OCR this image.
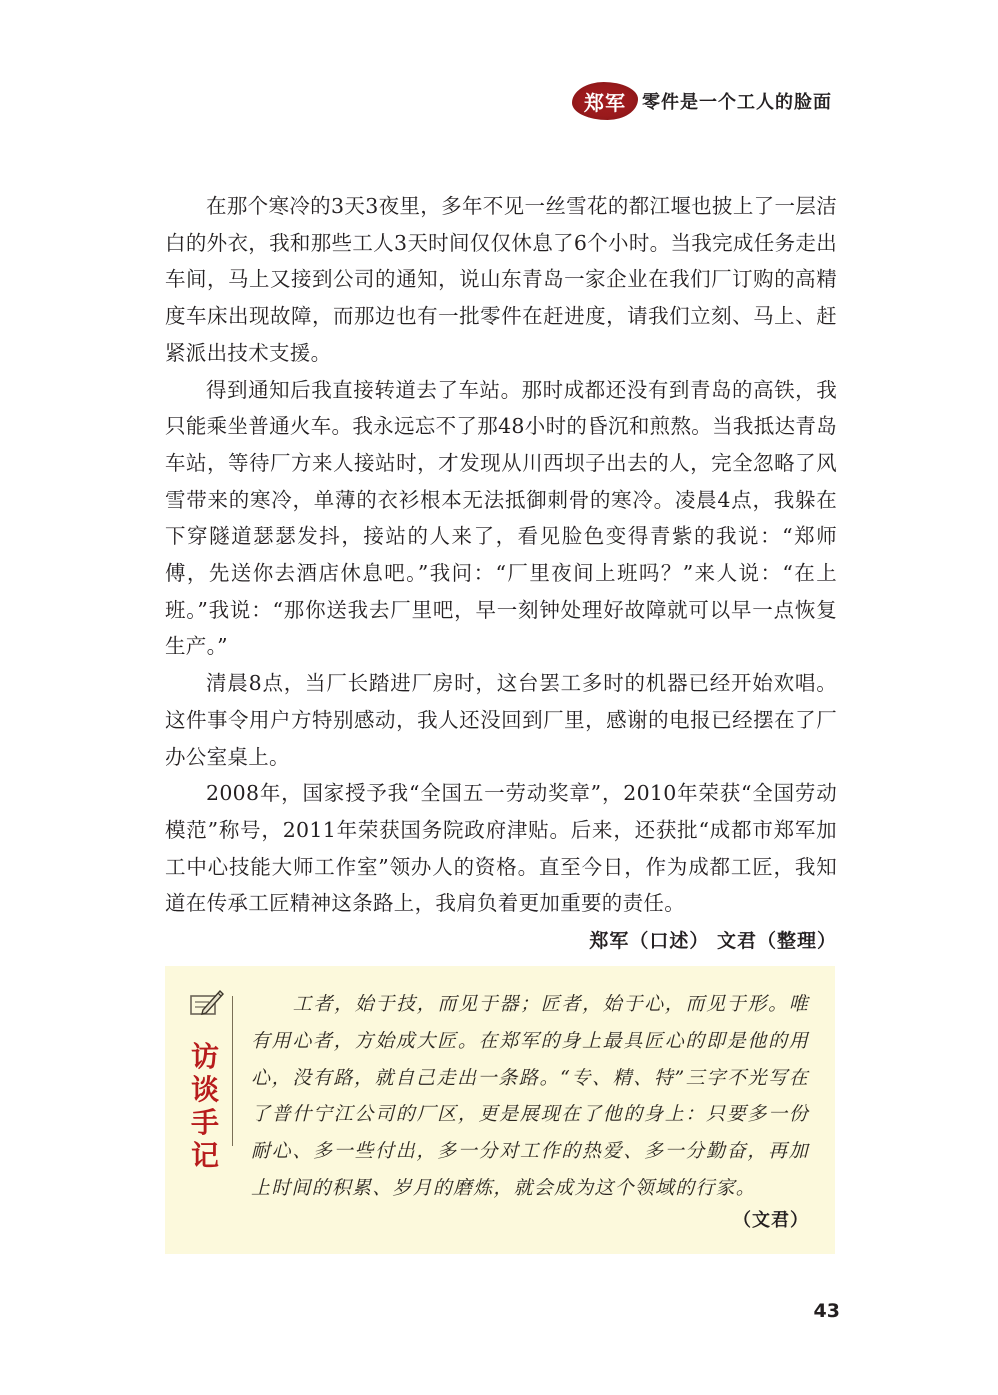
郑军 零件是一个工人的脸面

在那个寒冷的3天3夜里，多年不见一丝雪花的都江堰也披上了一层洁白的外衣，我和那些工人3天时间仅仅休息了6个小时。当我完成任务走出车间，马上又接到公司的通知，说山东青岛一家企业在我们厂订购的高精度车床出现故障，而那边也有一批零件在赶进度，请我们立刻、马上、赶紧派出技术支援。

得到通知后我直接转道去了车站。那时成都还没有到青岛的高铁，我只能乘坐普通火车。我永远忘不了那48小时的昏沉和煎熬。当我抵达青岛车站，等待厂方来人接站时，才发现从川西坝子出去的人，完全忽略了风雪带来的寒冷，单薄的衣衫根本无法抵御刺骨的寒冷。凌晨4点，我躲在下穿隧道瑟瑟发抖，接站的人来了，看见脸色变得青紫的我说：“郑师傅，先送你去酒店休息吧。”我问：“厂里夜间上班吗？”来人说：“在上班。”我说：“那你送我去厂里吧，早一刻钟处理好故障就可以早一点恢复生产。”

清晨8点，当厂长踏进厂房时，这台罢工多时的机器已经开始欢唱。这件事令用户方特别感动，我人还没回到厂里，感谢的电报已经摆在了厂办公室桌上。

2008年，国家授予我“全国五一劳动奖章”，2010年荣获“全国劳动模范”称号，2011年荣获国务院政府津贴。后来，还获批“成都市郑军加工中心技能大师工作室”领办人的资格。直至今日，作为成都工匠，我知道在传承工匠精神这条路上，我肩负着更加重要的责任。

郑军（口述） 文君（整理）
访谈手记

工者，始于技，而见于器；匠者，始于心，而见于形。唯有用心者，方始成大匠。在郑军的身上最具匠心的即是他的用心，没有路，就自己走出一条路。“专、精、特”三字不光写在了普什宁江公司的厂区，更是展现在了他的身上：只要多一份耐心、多一些付出，多一分对工作的热爱、多一分勤奋，再加上时间的积累、岁月的磨炼，就会成为这个领域的行家。

（文君）
43
